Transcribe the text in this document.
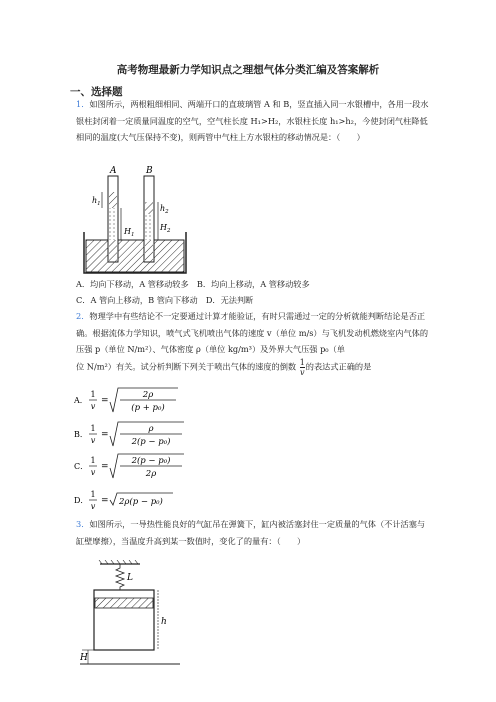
高考物理最新力学知识点之理想气体分类汇编及答案解析
一、选择题
1．如图所示，两根粗细相同、两端开口的直玻璃管 A 和 B，竖直插入同一水银槽中，各用一段水银柱封闭着一定质量同温度的空气，空气柱长度 H₁>H₂，水银柱长度 h₁>h₂，今使封闭气柱降低相同的温度(大气压保持不变)，则两管中气柱上方水银柱的移动情况是：（　　）
A	B
$h_1$
$H_1$
$h_2$
$H_2$
A．均向下移动，A 管移动较多　B．均向上移动，A 管移动较多
C．A 管向上移动，B 管向下移动　D．无法判断
2．物理学中有些结论不一定要通过计算才能验证，有时只需通过一定的分析就能判断结论是否正确。根据流体力学知识，喷气式飞机喷出气体的速度 v（单位 m/s）与飞机发动机燃烧室内气体的压强 p（单位 N/m²）、气体密度 ρ（单位 kg/m³）及外界大气压强 p₀（单
位 N/m²）有关。试分析判断下列关于喷出气体的速度的倒数 $\frac{1}{v}$ 的表达式正确的是
A．
1
v
=
2ρ
(p + p₀)
B．
1
v
=
ρ
2(p − p₀)
C．
1
v
=
2(p − p₀)
2ρ
D．
1
v
= 2ρ(p − p₀)
3．如图所示，一导热性能良好的气缸吊在弹簧下，缸内被活塞封住一定质量的气体（不计活塞与缸壁摩擦），当温度升高到某一数值时，变化了的量有：（　　）
L
h
H
